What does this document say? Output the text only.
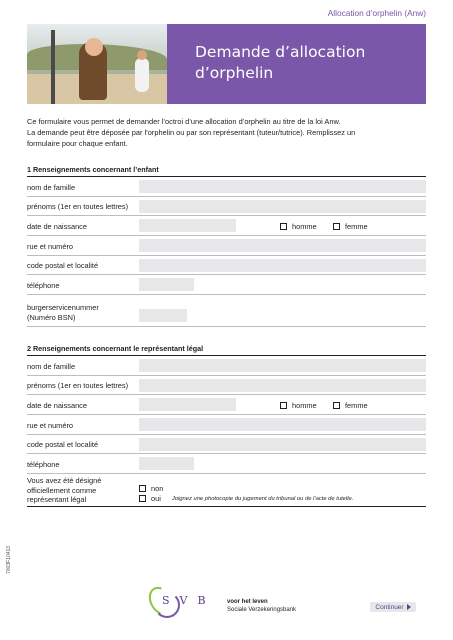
Allocation d’orphelin (Anw)
Demande d’allocation
d’orphelin
Ce formulaire vous permet de demander l’octroi d’une allocation d’orphelin au titre de la loi Anw.
La demande peut être déposée par l’orphelin ou par son représentant (tuteur/tutrice). Remplissez un
formulaire pour chaque enfant.
1 Renseignements concernant l’enfant
nom de famille
prénoms (1er en toutes lettres)
date de naissance	homme	femme
rue et numéro
code postal et localité
téléphone
burgerservicenummer
(Numéro BSN)
2 Renseignements concernant le représentant légal
nom de famille
prénoms (1er en toutes lettres)
date de naissance	homme	femme
rue et numéro
code postal et localité
téléphone
Vous avez été désigné
officiellement comme
représentant légal
non
oui Joignez une photocopie du jugement du tribunal ou de l’acte de tutelle.
7003F10413
SVB voor het leven
Sociale Verzekeringsbank	Continuer
